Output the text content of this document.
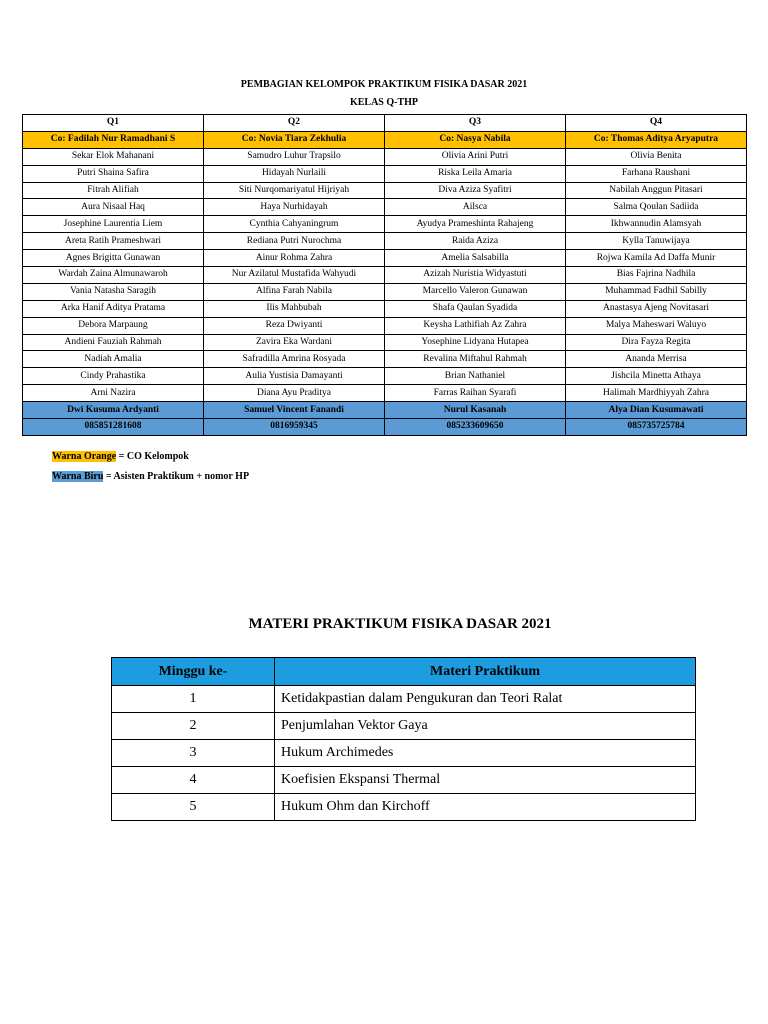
PEMBAGIAN KELOMPOK PRAKTIKUM FISIKA DASAR 2021
KELAS Q-THP
Q1	Q2	Q3	Q4
Co: Fadilah Nur Ramadhani S	Co: Novia Tiara Zekhulia	Co: Nasya Nabila	Co: Thomas Aditya Aryaputra
Sekar Elok Mahanani	Samudro Luhur Trapsilo	Olivia Arini Putri	Olivia Benita
Putri Shaina Safira	Hidayah Nurlaili	Riska Leila Amaria	Farhana Raushani
Fitrah Alifiah	Siti Nurqomariyatul Hijriyah	Diva Aziza Syafitri	Nabilah Anggun Pitasari
Aura Nisaal Haq	Haya Nurhidayah	Ailsca	Salma Qoulan Sadiida
Josephine Laurentia Liem	Cynthia Cahyaningrum	Ayudya Prameshinta Rahajeng	Ikhwannudin Alamsyah
Areta Ratih Prameshwari	Rediana Putri Nurochma	Raida Aziza	Kylla Tanuwijaya
Agnes Brigitta Gunawan	Ainur Rohma Zahra	Amelia Salsabilla	Rojwa Kamila Ad Daffa Munir
Wardah Zaina Almunawaroh	Nur Azilatul Mustafida Wahyudi	Azizah Nuristia Widyastuti	Bias Fajrina Nadhila
Vania Natasha Saragih	Alfina Farah Nabila	Marcello Valeron Gunawan	Muhammad Fadhil Sabilly
Arka Hanif Aditya Pratama	Ilis Mahbubah	Shafa Qaulan Syadida	Anastasya Ajeng Novitasari
Debora Marpaung	Reza Dwiyanti	Keysha Lathifiah Az Zahra	Malya Maheswari Waluyo
Andieni Fauziah Rahmah	Zavira Eka Wardani	Yosephine Lidyana Hutapea	Dira Fayza Regita
Nadiah Amalia	Safradilla Amrina Rosyada	Revalina Miftahul Rahmah	Ananda Merrisa
Cindy Prahastika	Aulia Yustisia Damayanti	Brian Nathaniel	Jishcila Minetta Athaya
Arni Nazira	Diana Ayu Praditya	Farras Raihan Syarafi	Halimah Mardhiyyah Zahra
Dwi Kusuma Ardyanti	Samuel Vincent Fanandi	Nurul Kasanah	Alya Dian Kusumawati
085851281608	0816959345	085233609650	085735725784
Warna Orange = CO Kelompok
Warna Biru = Asisten Praktikum + nomor HP
MATERI PRAKTIKUM FISIKA DASAR 2021
Minggu ke-	Materi Praktikum
1	Ketidakpastian dalam Pengukuran dan Teori Ralat
2	Penjumlahan Vektor Gaya
3	Hukum Archimedes
4	Koefisien Ekspansi Thermal
5	Hukum Ohm dan Kirchoff
